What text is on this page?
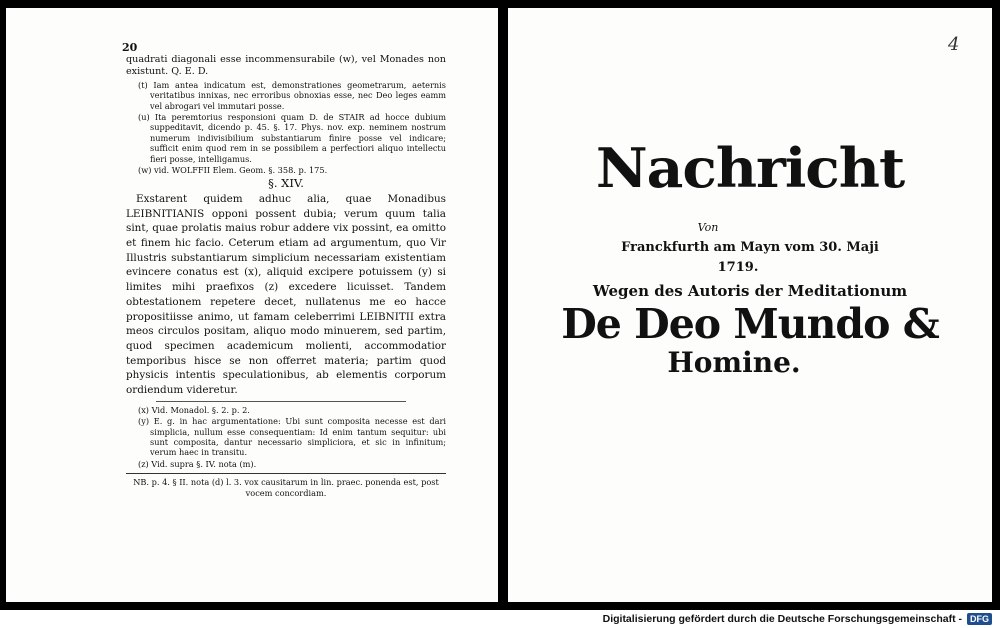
20

quadrati diagonali esse incommensurabile (w), vel Monades non existunt. Q. E. D.

(t) Iam antea indicatum est, demonstrationes geometrarum, aeternis veritatibus innixas, nec erroribus obnoxias esse, nec Deo leges eamm vel abrogari vel immutari posse.

(u) Ita peremtorius responsioni quam D. de STAIR ad hocce dubium suppeditavit, dicendo p. 45. §. 17. Phys. nov. exp. neminem nostrum numerum indivisibilium substantiarum finire posse vel indicare; sufficit enim quod rem in se possibilem a perfectiori aliquo intellectu fieri posse, intelligamus.

(w) vid. WOLFFII Elem. Geom. §. 358. p. 175.

§. XIV.

Exstarent quidem adhuc alia, quae Monadibus LEIBNITIANIS opponi possent dubia; verum quum talia sint, quae prolatis maius robur addere vix possint, ea omitto et finem hic facio. Ceterum etiam ad argumentum, quo Vir Illustris substantiarum simplicium necessariam existentiam evincere conatus est (x), aliquid excipere potuissem (y) si limites mihi praefixos (z) excedere licuisset. Tandem obtestationem repetere decet, nullatenus me eo hacce propositiisse animo, ut famam celeberrimi LEIBNITII extra meos circulos positam, aliquo modo minuerem, sed partim, quod specimen academicum molienti, accommodatior temporibus hisce se non offerret materia; partim quod physicis intentis speculationibus, ab elementis corporum ordiendum videretur.

(x) Vid. Monadol. §. 2. p. 2.

(y) E. g. in hac argumentatione: Ubi sunt composita necesse est dari simplicia, nullum esse consequentiam: Id enim tantum sequitur: ubi sunt composita, dantur necessario simpliciora, et sic in infinitum; verum haec in transitu.

(z) Vid. supra §. IV. nota (m).

NB. p. 4. § II. nota (d) l. 3. vox causitarum in lin. praec. ponenda est, post vocem concordiam.

4
Nachricht
Von
Franckfurth am Mayn vom 30. Maji
1719.
Wegen des Autoris der Meditationum
De Deo Mundo &
Homine.
Digitalisierung gefördert durch die Deutsche Forschungsgemeinschaft - DFG
